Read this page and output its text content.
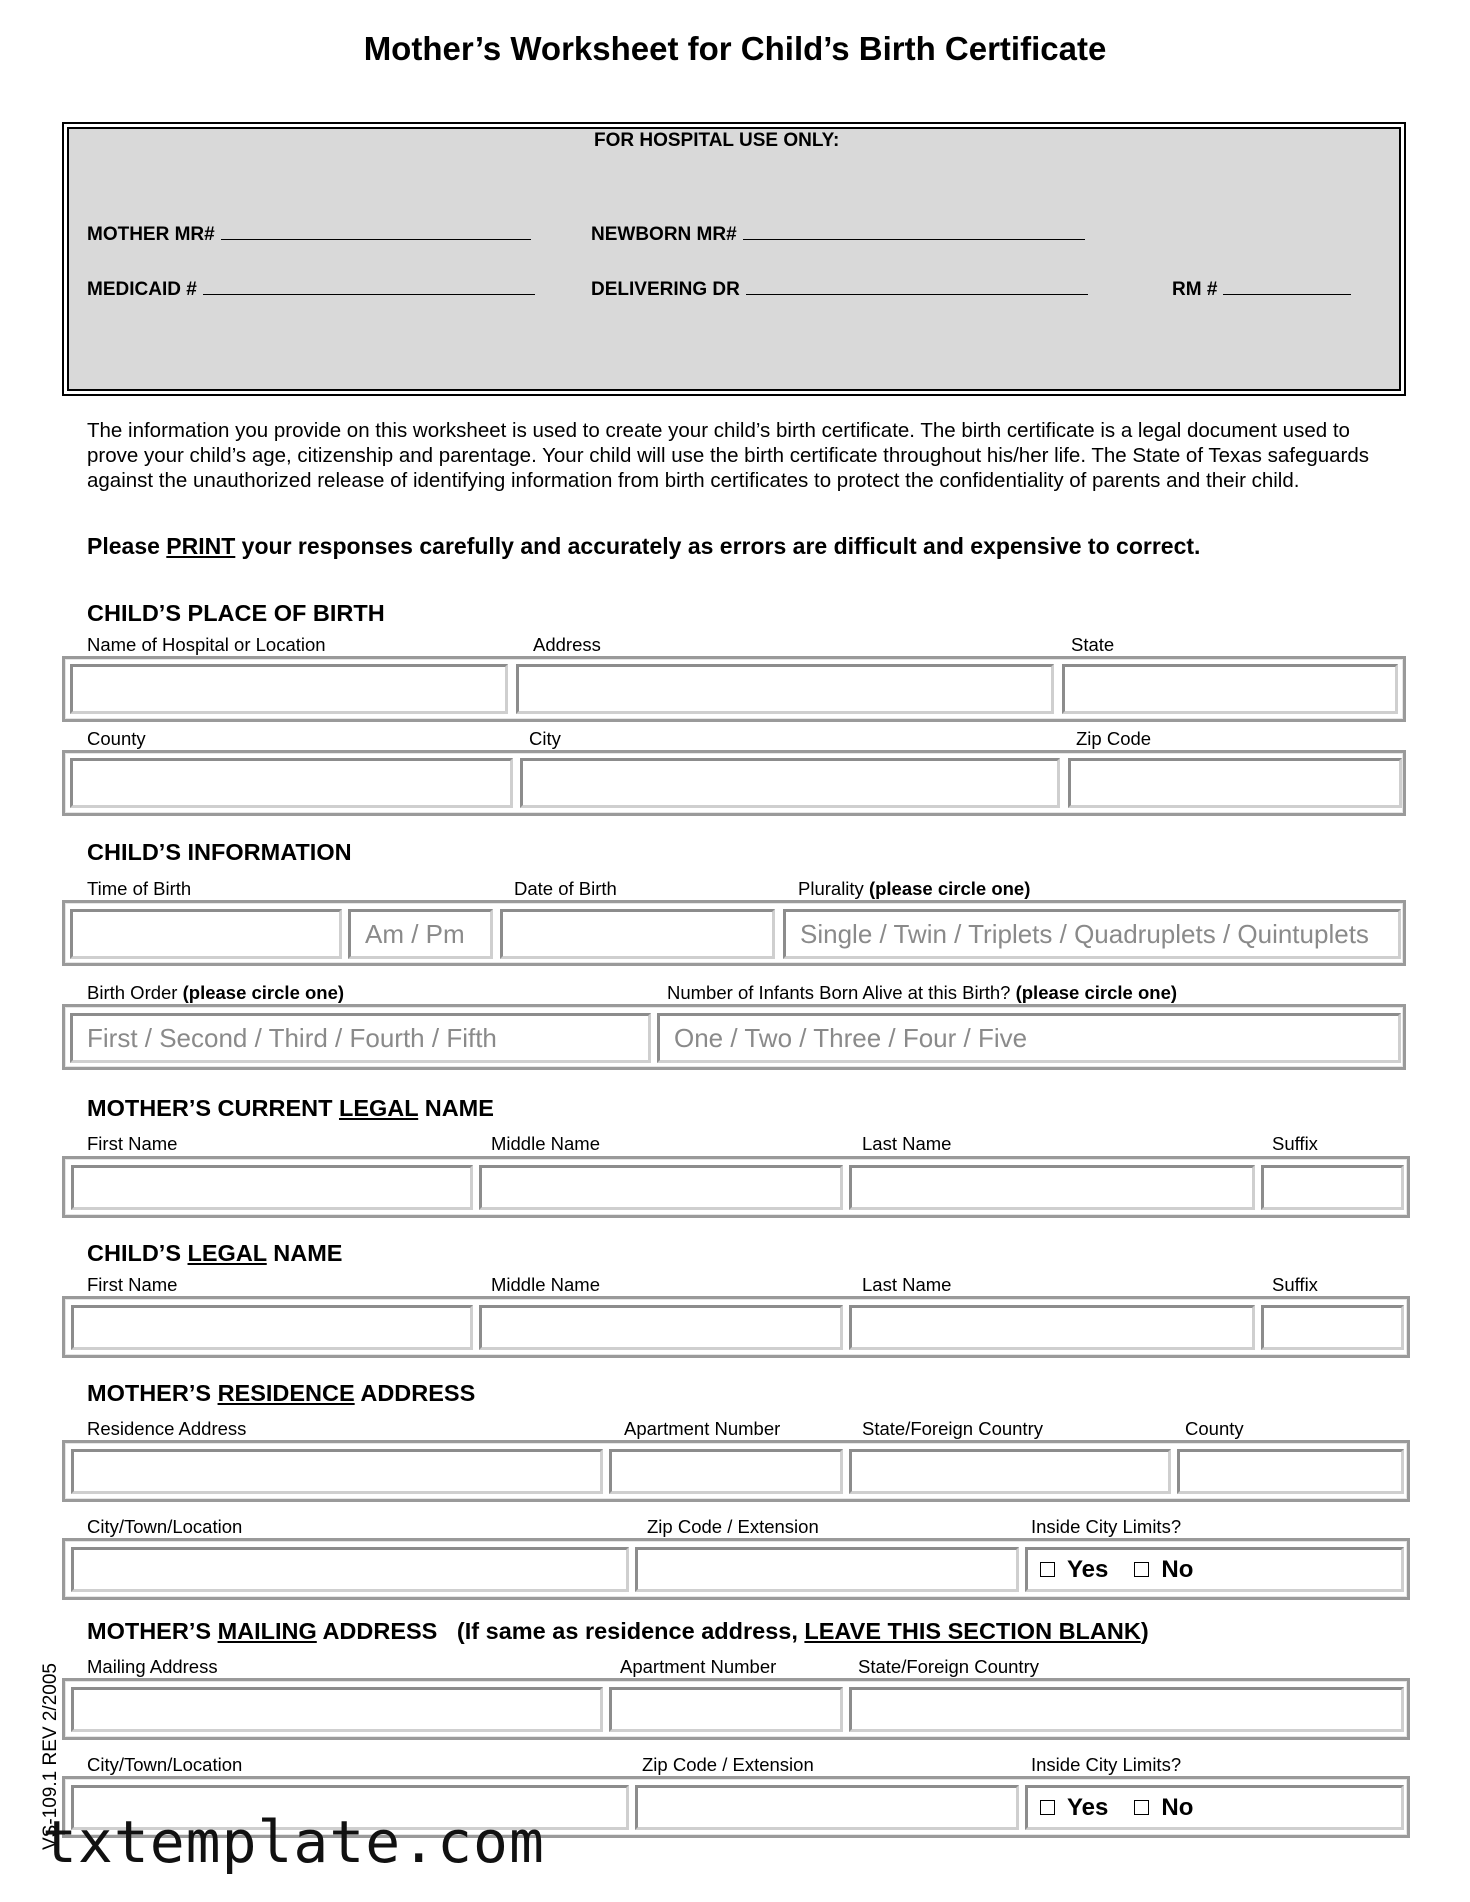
Mother’s Worksheet for Child’s Birth Certificate
FOR HOSPITAL USE ONLY:
MOTHER MR#	NEWBORN MR#
MEDICAID #	DELIVERING DR	RM #
The information you provide on this worksheet is used to create your child’s birth certificate. The birth certificate is a legal document used to prove your child’s age, citizenship and parentage. Your child will use the birth certificate throughout his/her life. The State of Texas safeguards against the unauthorized release of identifying information from birth certificates to protect the confidentiality of parents and their child.
Please PRINT your responses carefully and accurately as errors are difficult and expensive to correct.
CHILD’S PLACE OF BIRTH
Name of Hospital or Location	Address	State
County	City	Zip Code
CHILD’S INFORMATION
Time of Birth	Date of Birth	Plurality (please circle one)
Am / Pm	Single / Twin / Triplets / Quadruplets / Quintuplets
Birth Order (please circle one)	Number of Infants Born Alive at this Birth? (please circle one)
First / Second / Third / Fourth / Fifth	One / Two / Three / Four / Five
MOTHER’S CURRENT LEGAL NAME
First Name	Middle Name	Last Name	Suffix
CHILD’S LEGAL NAME
First Name	Middle Name	Last Name	Suffix
MOTHER’S RESIDENCE ADDRESS
Residence Address	Apartment Number	State/Foreign Country	County
City/Town/Location	Zip Code / Extension	Inside City Limits?
Yes No
MOTHER’S MAILING ADDRESS   (If same as residence address, LEAVE THIS SECTION BLANK)
Mailing Address	Apartment Number	State/Foreign Country
City/Town/Location	Zip Code / Extension	Inside City Limits?
Yes No
VS-109.1 REV 2/2005
txtemplate.com
